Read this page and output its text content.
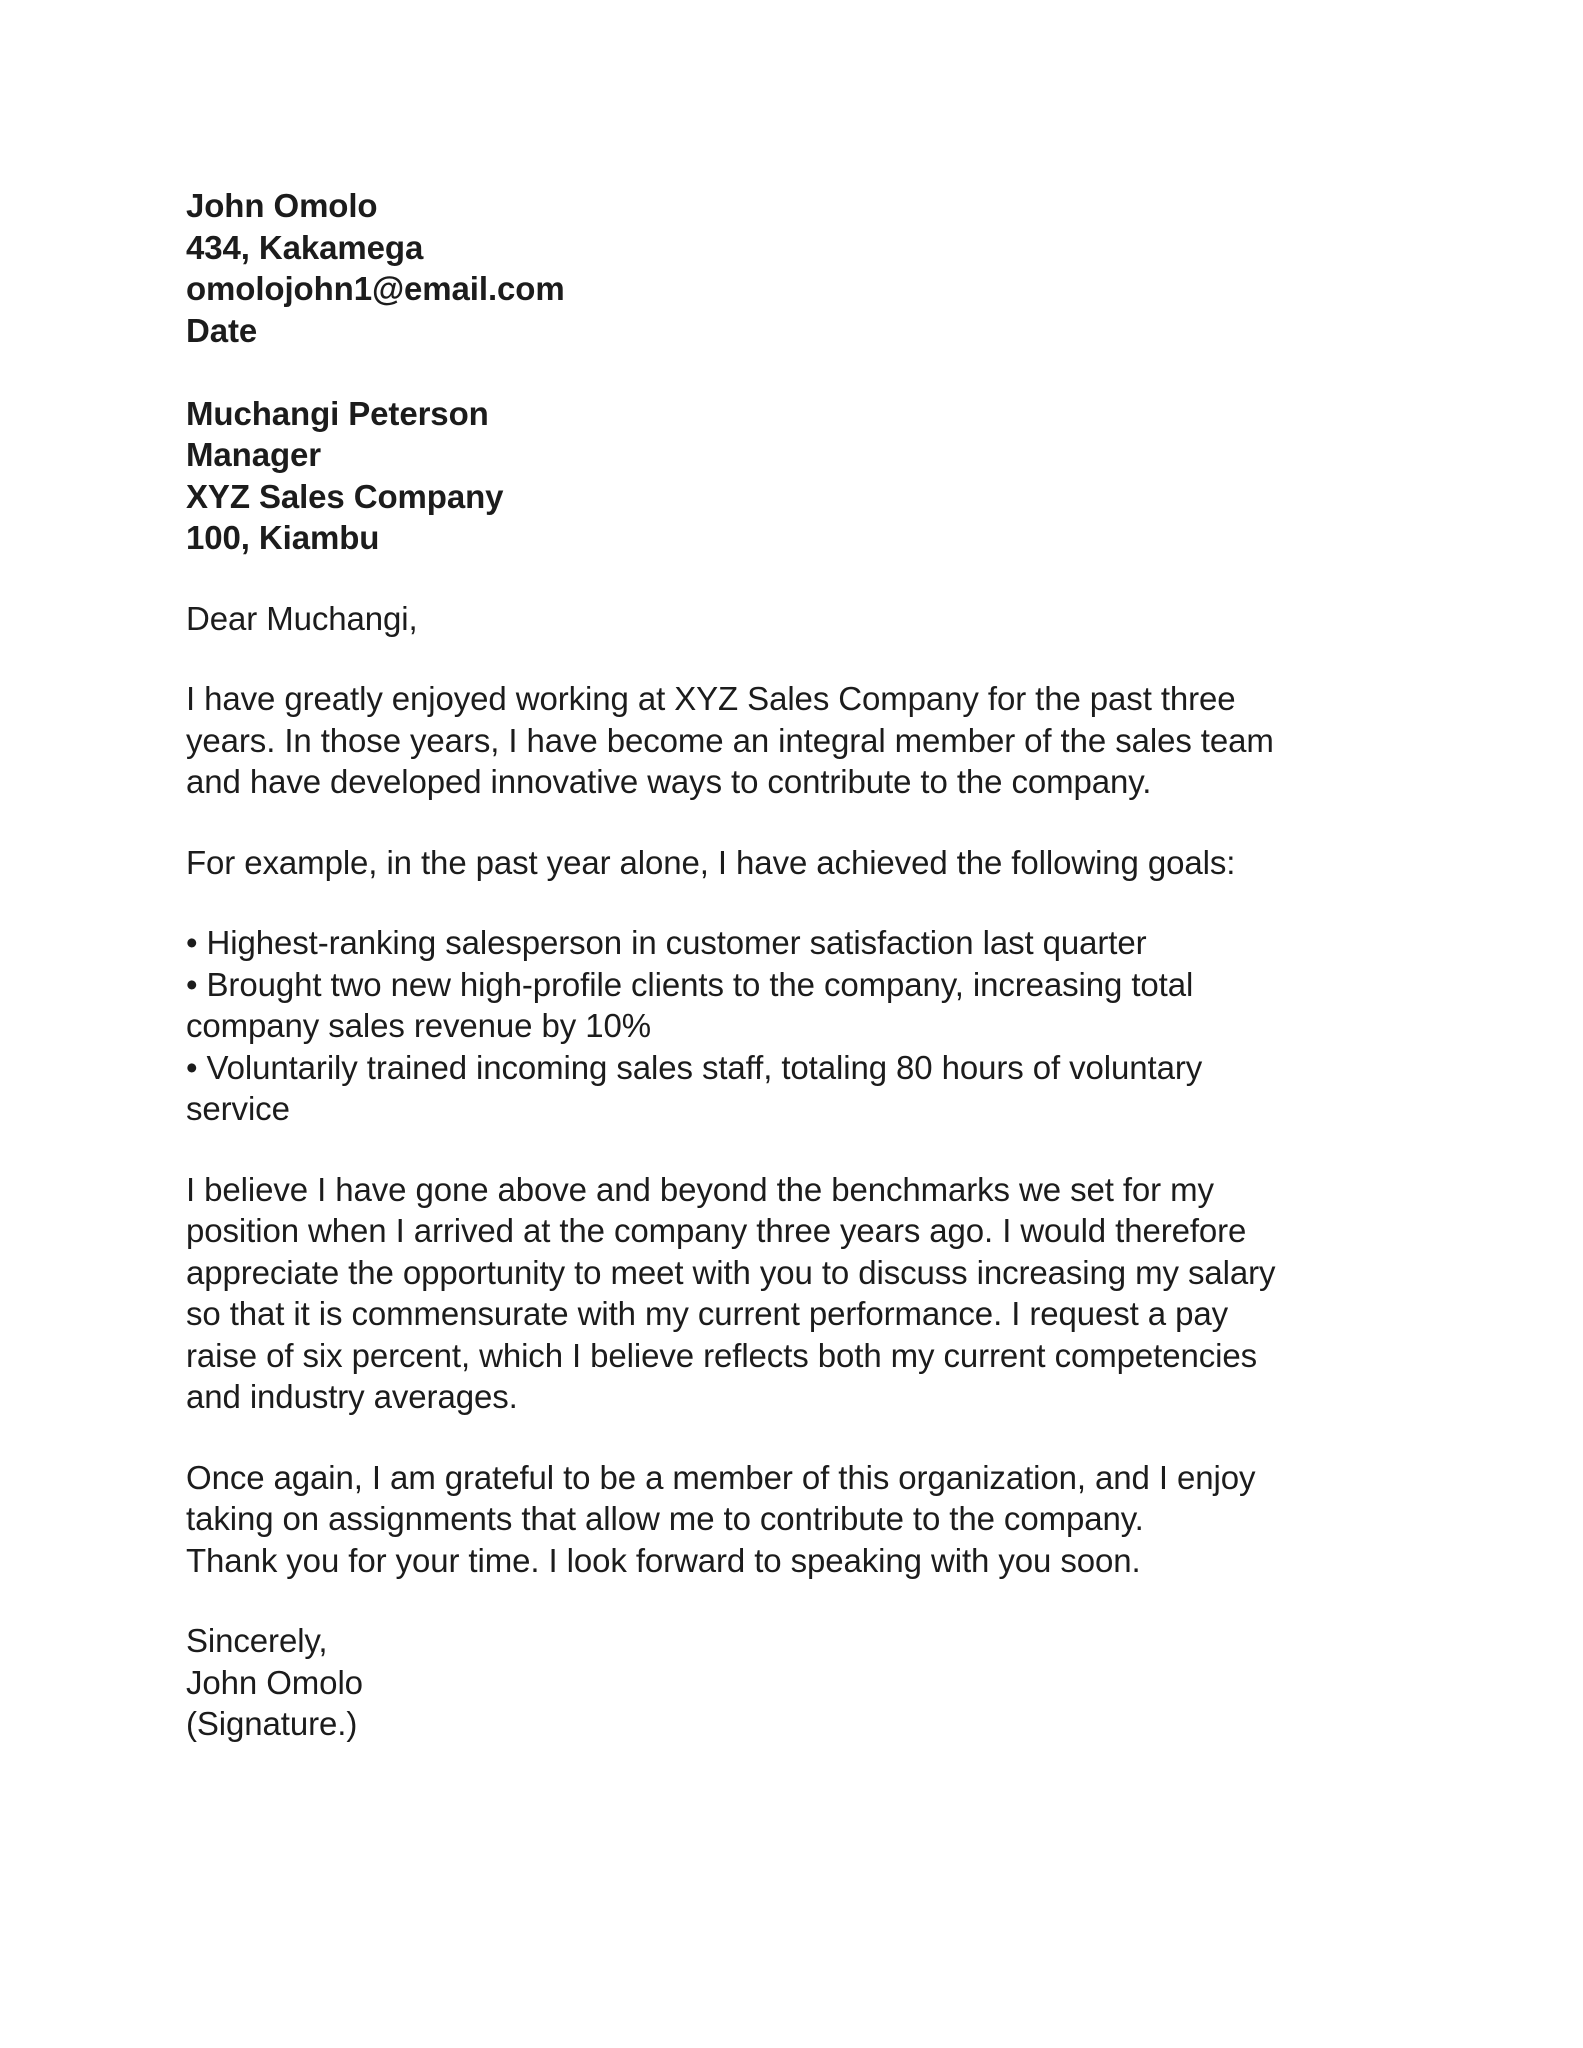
John Omolo
434, Kakamega
omolojohn1@email.com
Date
Muchangi Peterson
Manager
XYZ Sales Company
100, Kiambu
Dear Muchangi,
I have greatly enjoyed working at XYZ Sales Company for the past three
years. In those years, I have become an integral member of the sales team
and have developed innovative ways to contribute to the company.
For example, in the past year alone, I have achieved the following goals:
• Highest-ranking salesperson in customer satisfaction last quarter
• Brought two new high-profile clients to the company, increasing total
company sales revenue by 10%
• Voluntarily trained incoming sales staff, totaling 80 hours of voluntary
service
I believe I have gone above and beyond the benchmarks we set for my
position when I arrived at the company three years ago. I would therefore
appreciate the opportunity to meet with you to discuss increasing my salary
so that it is commensurate with my current performance. I request a pay
raise of six percent, which I believe reflects both my current competencies
and industry averages.
Once again, I am grateful to be a member of this organization, and I enjoy
taking on assignments that allow me to contribute to the company.
Thank you for your time. I look forward to speaking with you soon.
Sincerely,
John Omolo
(Signature.)
